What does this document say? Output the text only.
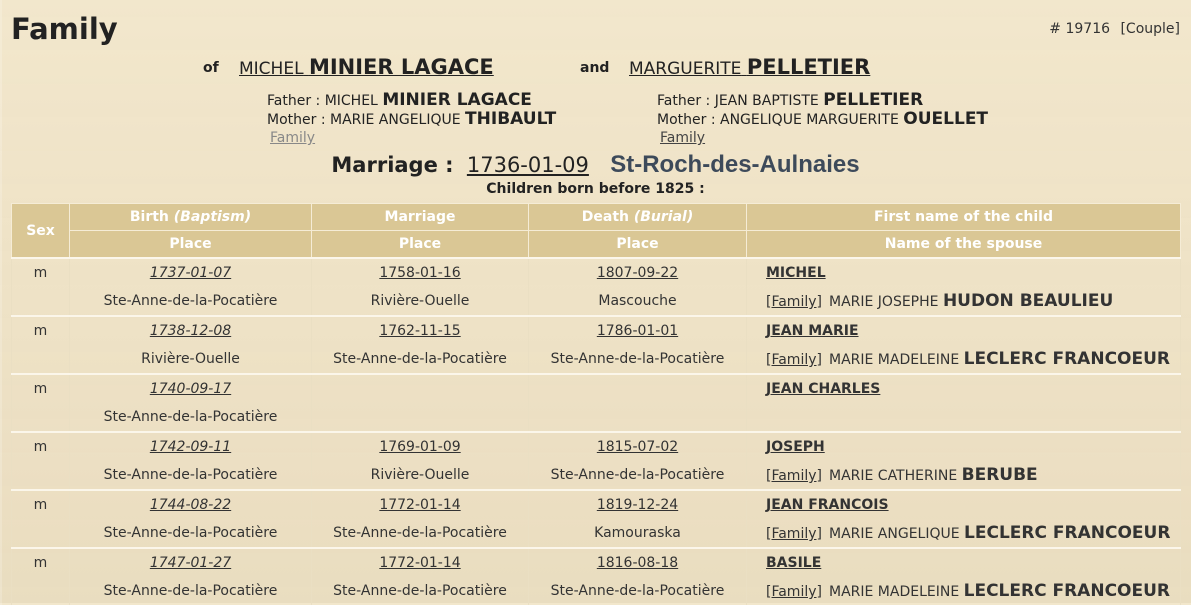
Family	# 19716 [Couple]
of MICHEL MINIER LAGACE	and MARGUERITE PELLETIER
Father : MICHEL MINIER LAGACE
Mother : MARIE ANGELIQUE THIBAULT
Family
Father : JEAN BAPTISTE PELLETIER
Mother : ANGELIQUE MARGUERITE OUELLET
Family
Marriage : 1736-01-09 St-Roch-des-Aulnaies
Children born before 1825 :
Sex	Birth (Baptism)	Marriage	Death (Burial)	First name of the child
	Place	Place	Place	Name of the spouse
m	1737-01-07	1758-01-16	1807-09-22	MICHEL
	Ste-Anne-de-la-Pocatière	Rivière-Ouelle	Mascouche	[Family] MARIE JOSEPHE HUDON BEAULIEU
m	1738-12-08	1762-11-15	1786-01-01	JEAN MARIE
	Rivière-Ouelle	Ste-Anne-de-la-Pocatière	Ste-Anne-de-la-Pocatière	[Family] MARIE MADELEINE LECLERC FRANCOEUR
m	1740-09-17			JEAN CHARLES
	Ste-Anne-de-la-Pocatière			
m	1742-09-11	1769-01-09	1815-07-02	JOSEPH
	Ste-Anne-de-la-Pocatière	Rivière-Ouelle	Ste-Anne-de-la-Pocatière	[Family] MARIE CATHERINE BERUBE
m	1744-08-22	1772-01-14	1819-12-24	JEAN FRANCOIS
	Ste-Anne-de-la-Pocatière	Ste-Anne-de-la-Pocatière	Kamouraska	[Family] MARIE ANGELIQUE LECLERC FRANCOEUR
m	1747-01-27	1772-01-14	1816-08-18	BASILE
	Ste-Anne-de-la-Pocatière	Ste-Anne-de-la-Pocatière	Ste-Anne-de-la-Pocatière	[Family] MARIE MADELEINE LECLERC FRANCOEUR
